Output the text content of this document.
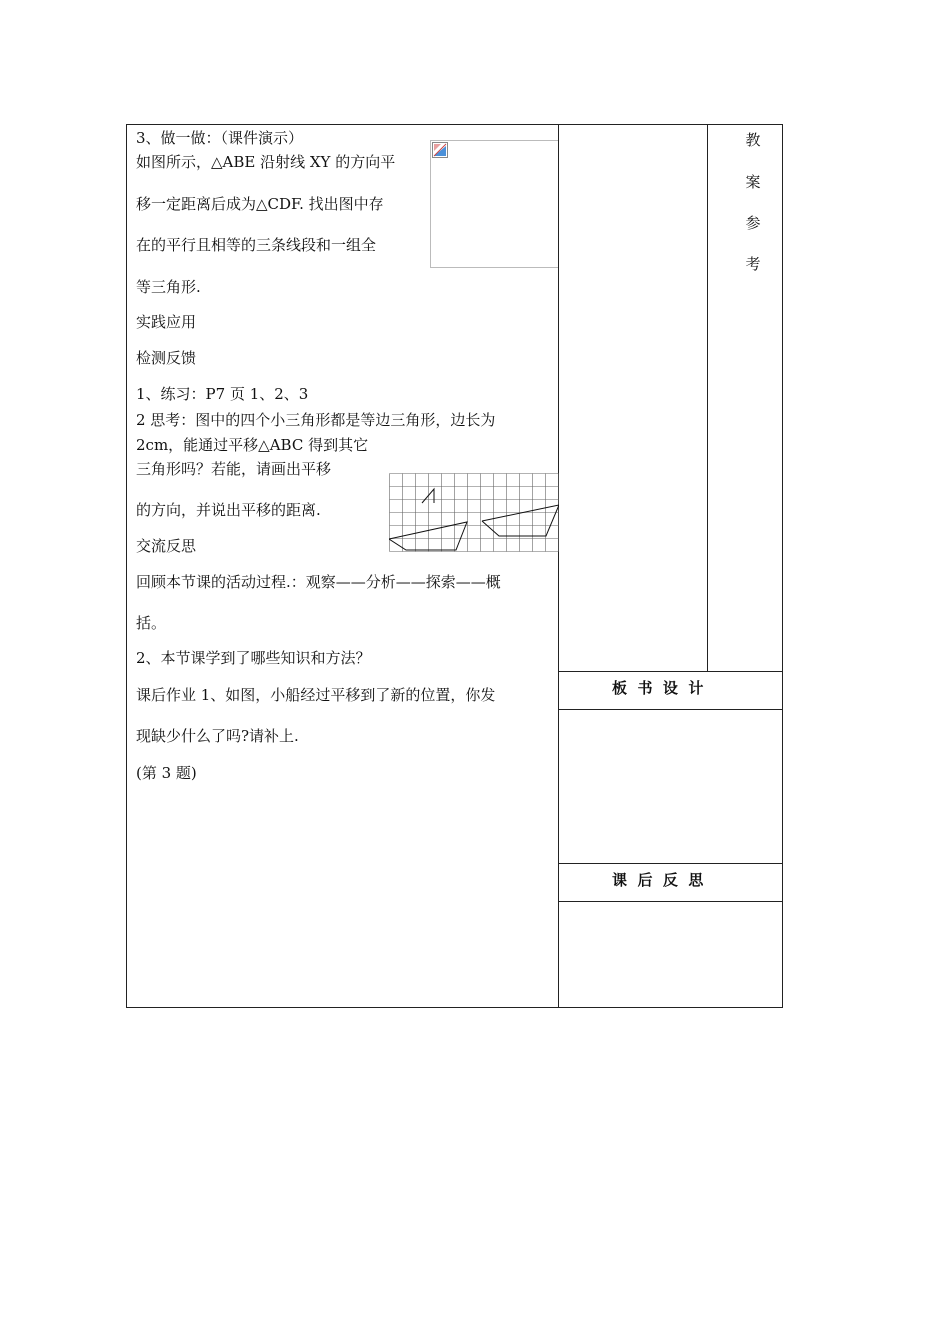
3、做一做：（课件演示）
如图所示，△ABE 沿射线 XY 的方向平
移一定距离后成为△CDF. 找出图中存
在的平行且相等的三条线段和一组全
等三角形.
实践应用
检测反馈
1、练习：P7 页 1、2、3
2 思考：图中的四个小三角形都是等边三角形，边长为
2cm，能通过平移△ABC 得到其它
三角形吗？若能，请画出平移
的方向，并说出平移的距离.
交流反思
回顾本节课的活动过程.：观察——分析——探索——概
括。
2、本节课学到了哪些知识和方法？
课后作业 1、如图，小船经过平移到了新的位置，你发
现缺少什么了吗?请补上.
(第 3 题)
教
案
参
考
板  书  设  计
课  后  反  思
